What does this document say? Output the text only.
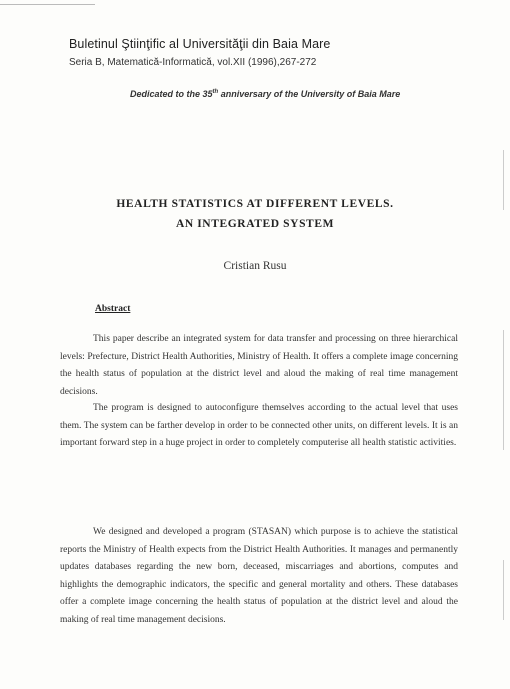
Buletinul Ştiinţific al Universităţii din Baia Mare
Seria B, Matematică-Informatică, vol.XII (1996),267-272
Dedicated to the 35th anniversary of the University of Baia Mare
HEALTH STATISTICS AT DIFFERENT LEVELS.
AN INTEGRATED SYSTEM
Cristian Rusu
Abstract
This paper describe an integrated system for data transfer and processing on three hierarchical levels: Prefecture, District Health Authorities, Ministry of Health. It offers a complete image concerning the health status of population at the district level and aloud the making of real time management decisions.
The program is designed to autoconfigure themselves according to the actual level that uses them. The system can be farther develop in order to be connected other units, on different levels. It is an important forward step in a huge project in order to completely computerise all health statistic activities.
We designed and developed a program (STASAN) which purpose is to achieve the statistical reports the Ministry of Health expects from the District Health Authorities. It manages and permanently updates databases regarding the new born, deceased, miscarriages and abortions, computes and highlights the demographic indicators, the specific and general mortality and others. These databases offer a complete image concerning the health status of population at the district level and aloud the making of real time management decisions.
